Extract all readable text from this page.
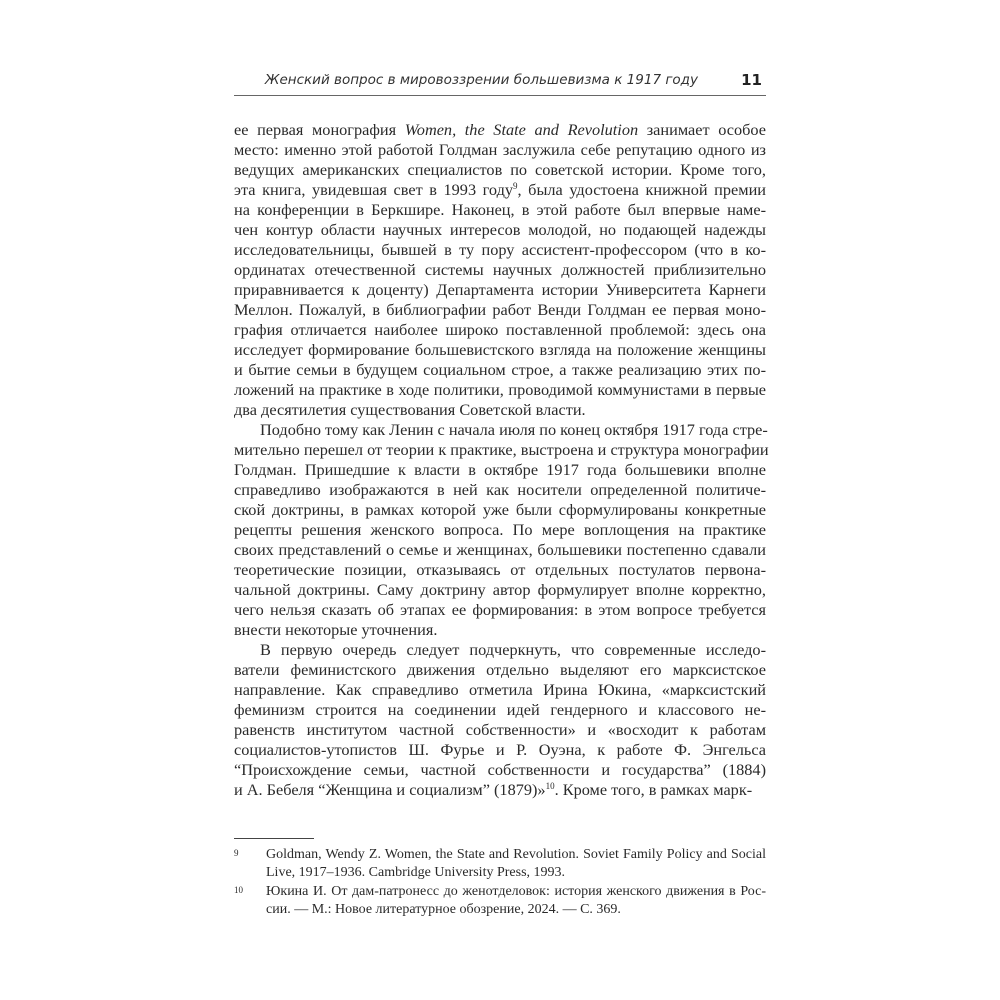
Женский вопрос в мировоззрении большевизма к 1917 году	11
ее первая монография Women, the State and Revolution занимает особое
место: именно этой работой Голдман заслужила себе репутацию одного из
ведущих американских специалистов по советской истории. Кроме того,
эта книга, увидевшая свет в 1993 году$^9$, была удостоена книжной премии
на конференции в Беркшире. Наконец, в этой работе был впервые наме-
чен контур области научных интересов молодой, но подающей надежды
исследовательницы, бывшей в ту пору ассистент-профессором (что в ко-
ординатах отечественной системы научных должностей приблизительно
приравнивается к доценту) Департамента истории Университета Карнеги
Меллон. Пожалуй, в библиографии работ Венди Голдман ее первая моно-
графия отличается наиболее широко поставленной проблемой: здесь она
исследует формирование большевистского взгляда на положение женщины
и бытие семьи в будущем социальном строе, а также реализацию этих по-
ложений на практике в ходе политики, проводимой коммунистами в первые
два десятилетия существования Советской власти.
Подобно тому как Ленин с начала июля по конец октября 1917 года стре-
мительно перешел от теории к практике, выстроена и структура монографии
Голдман. Пришедшие к власти в октябре 1917 года большевики вполне
справедливо изображаются в ней как носители определенной политиче-
ской доктрины, в рамках которой уже были сформулированы конкретные
рецепты решения женского вопроса. По мере воплощения на практике
своих представлений о семье и женщинах, большевики постепенно сдавали
теоретические позиции, отказываясь от отдельных постулатов первона-
чальной доктрины. Саму доктрину автор формулирует вполне корректно,
чего нельзя сказать об этапах ее формирования: в этом вопросе требуется
внести некоторые уточнения.
В первую очередь следует подчеркнуть, что современные исследо-
ватели феминистского движения отдельно выделяют его марксистское
направление. Как справедливо отметила Ирина Юкина, «марксистский
феминизм строится на соединении идей гендерного и классового не-
равенств институтом частной собственности» и «восходит к работам
социалистов-утопистов Ш. Фурье и Р. Оуэна, к работе Ф. Энгельса
“Происхождение семьи, частной собственности и государства” (1884)
и А. Бебеля “Женщина и социализм” (1879)»$^{10}$. Кроме того, в рамках марк-
9 Goldman, Wendy Z. Women, the State and Revolution. Soviet Family Policy and Social
Live, 1917–1936. Cambridge University Press, 1993.
10 Юкина И. От дам-патронесс до женотделовок: история женского движения в Рос-
сии. — М.: Новое литературное обозрение, 2024. — С. 369.
